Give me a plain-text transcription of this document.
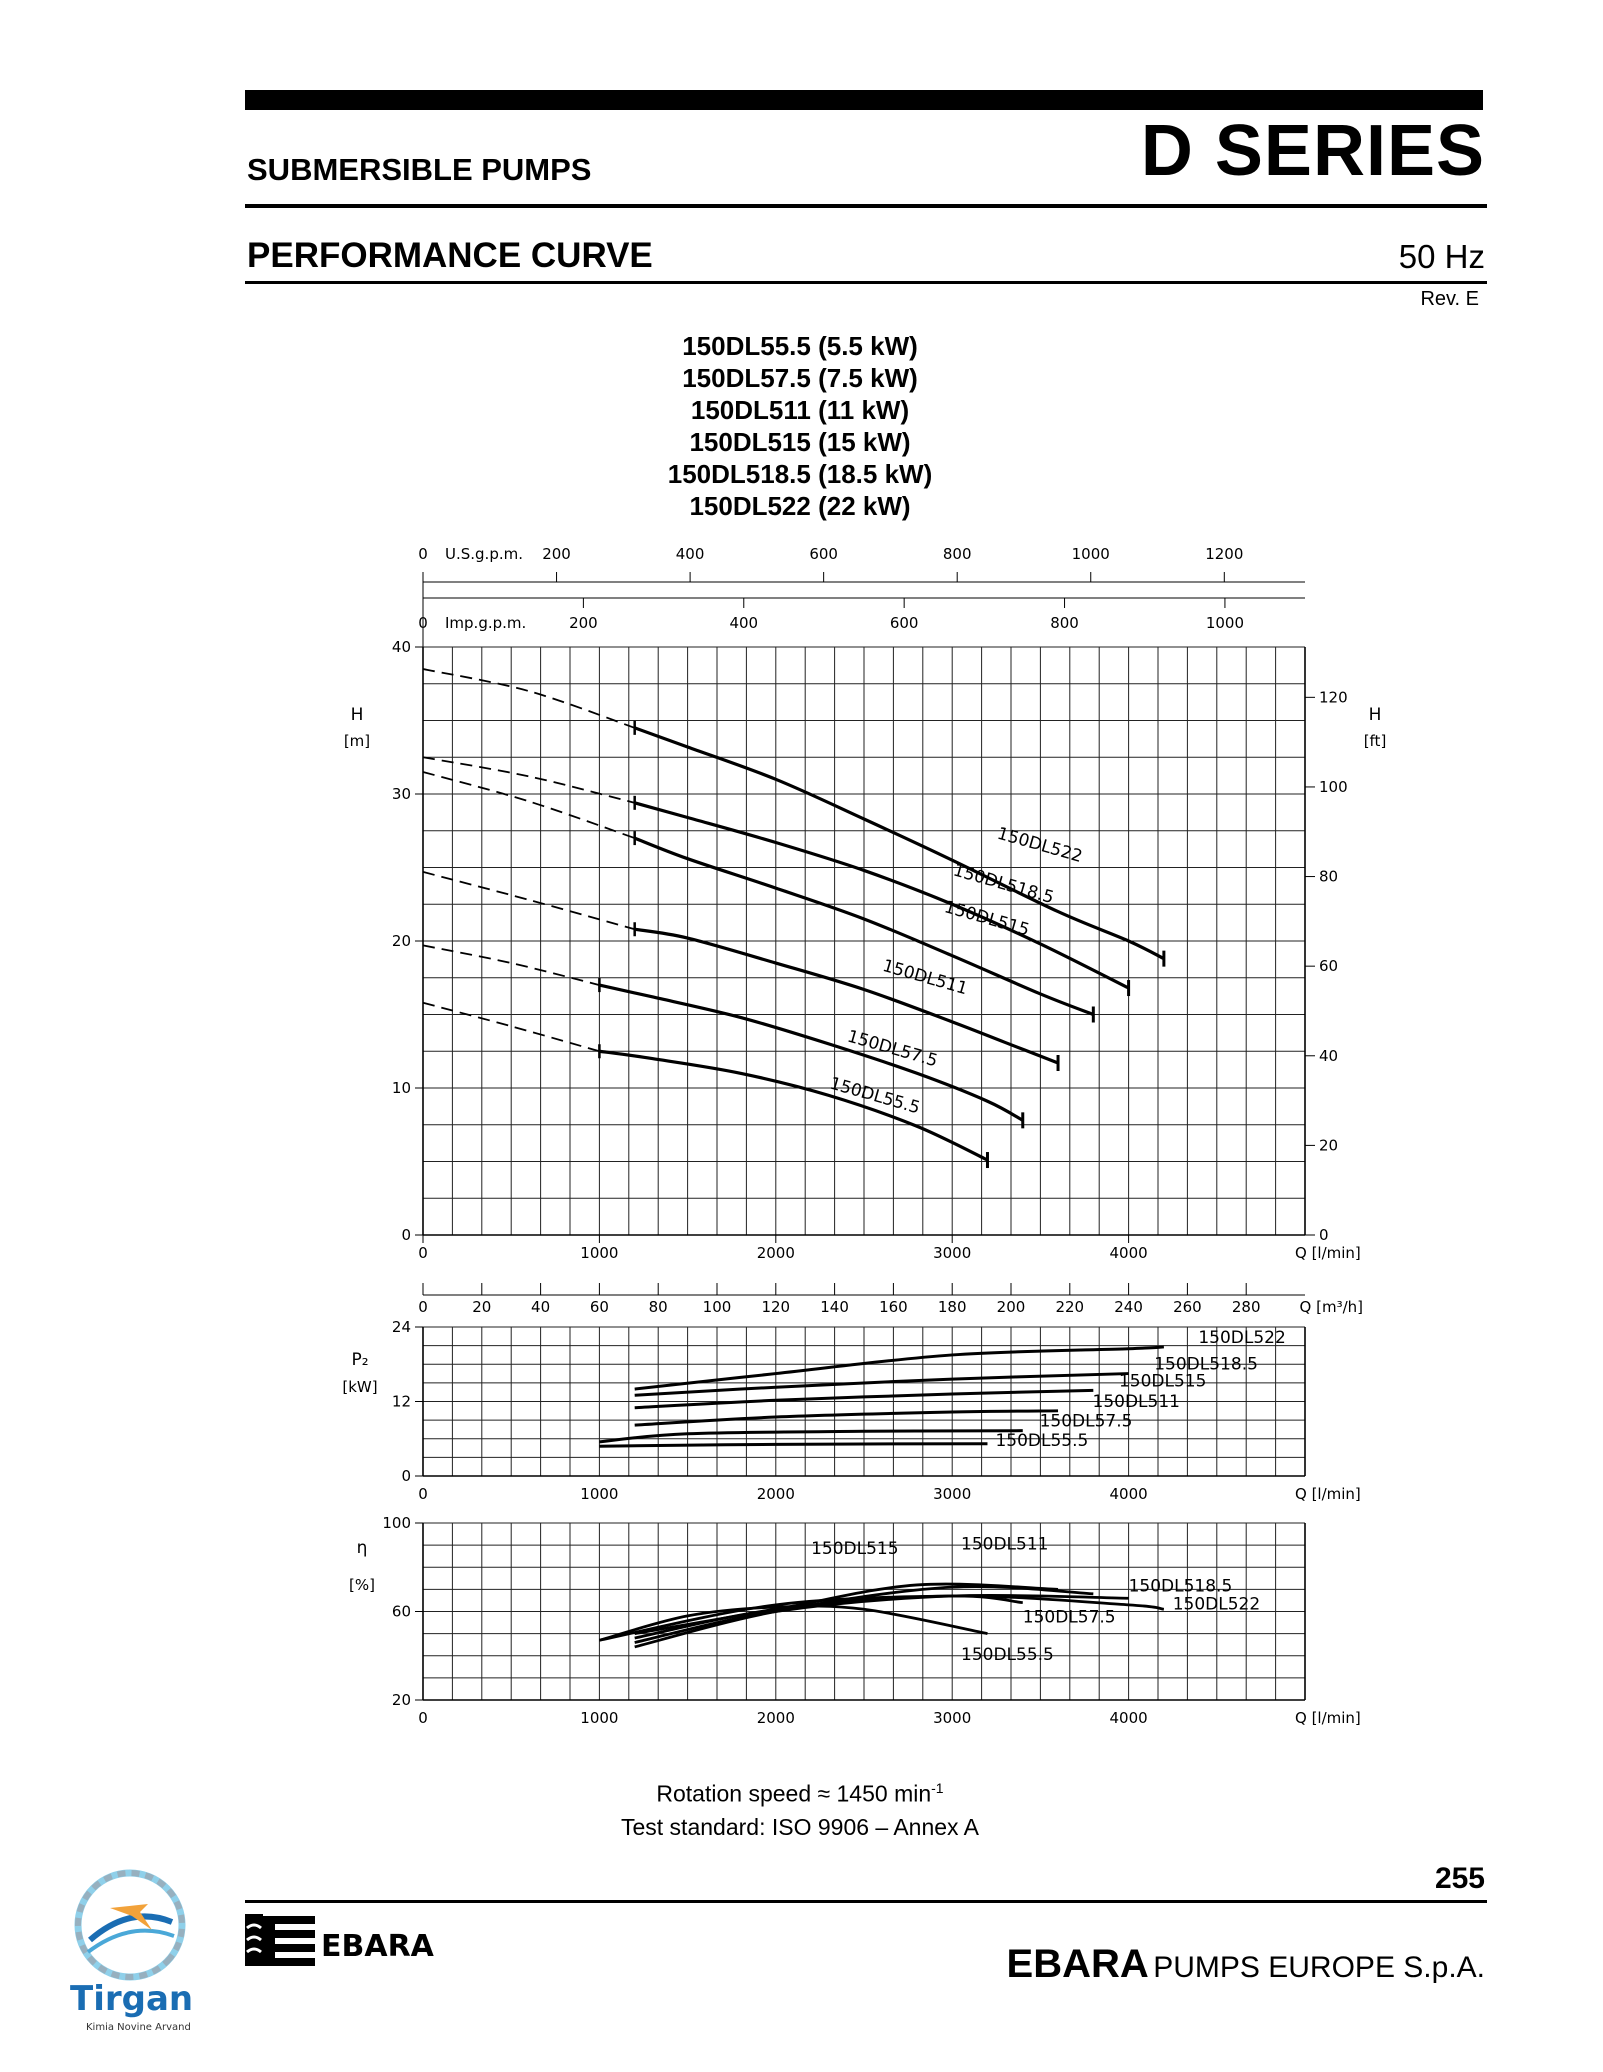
SUBMERSIBLE PUMPS	D SERIES
PERFORMANCE CURVE	50 Hz
Rev. E
150DL55.5 (5.5 kW)
150DL57.5 (7.5 kW)
150DL511 (11 kW)
150DL515 (15 kW)
150DL518.5 (18.5 kW)
150DL522 (22 kW)
0
10
20
30
40
0
20
40
60
80
100
120
0	1000	2000	3000	4000	Q [l/min]
H
[m]
H
[ft]
0	200	400	600	800	1000	1200
0	200	400	600	800	1000
U.S.g.p.m.
Imp.g.p.m.
0	20	40	60	80 100 120 140 160 180 200 220 240 260 280	Q [m³/h]
150DL522
150DL518.5
150DL515
150DL511
150DL57.5
150DL55.5
0
12
24
0	1000	2000	3000	4000	Q [l/min]
P₂
[kW]
150DL522
150DL518.5
150DL515
150DL511
150DL57.5
150DL55.5
20
60
100
0	1000	2000	3000	4000	Q [l/min]
η
[%]
150DL522
150DL518.5
150DL515	150DL511
150DL57.5
150DL55.5
Rotation speed ≈ 1450 $\min^{-1}$
Test standard: ISO 9906 – Annex A
255
EBARA	EBARA PUMPS EUROPE S.p.A.
Tirgan
Kimia Novine Arvand
